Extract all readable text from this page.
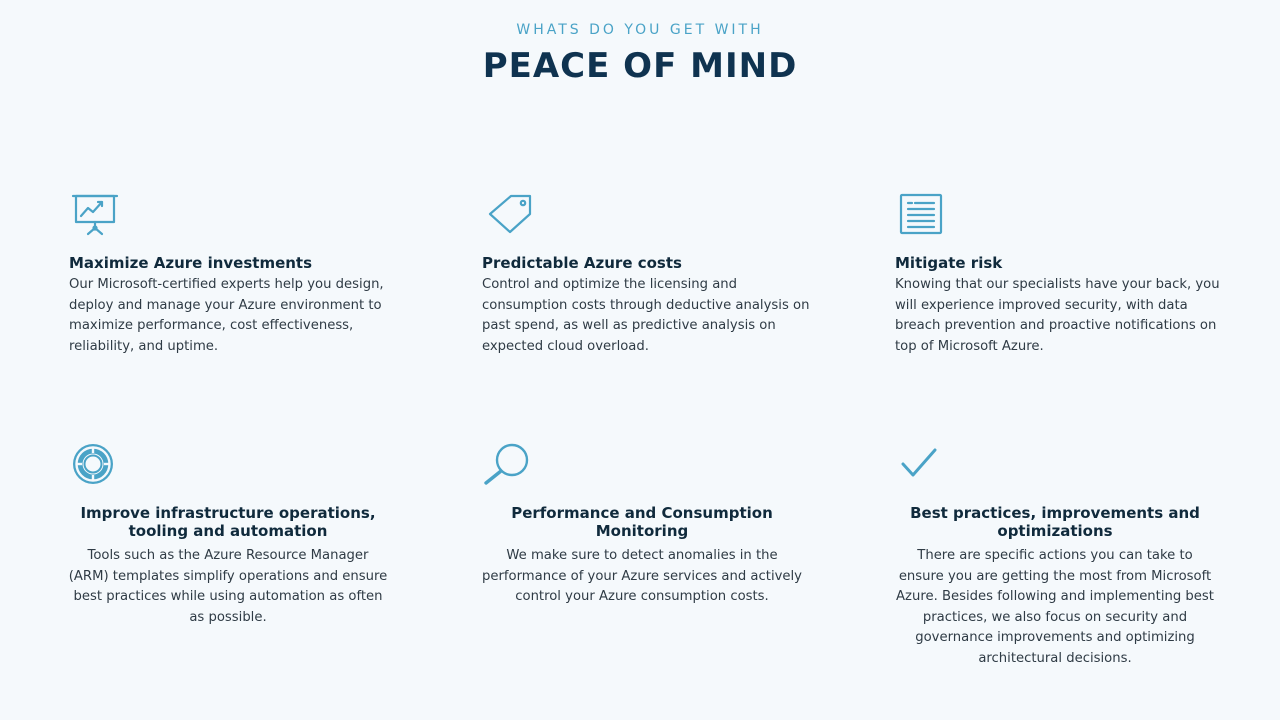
WHATS DO YOU GET WITH
PEACE OF MIND
Maximize Azure investments

Our Microsoft-certified experts help you design, deploy and manage your Azure environment to maximize performance, cost effectiveness, reliability, and uptime.

Predictable Azure costs

Control and optimize the licensing and consumption costs through deductive analysis on past spend, as well as predictive analysis on expected cloud overload.

Mitigate risk

Knowing that our specialists have your back, you will experience improved security, with data breach prevention and proactive notifications on top of Microsoft Azure.

Improve infrastructure operations, tooling and automation

Tools such as the Azure Resource Manager (ARM) templates simplify operations and ensure best practices while using automation as often as possible.

Performance and Consumption Monitoring

We make sure to detect anomalies in the performance of your Azure services and actively control your Azure consumption costs.

Best practices, improvements and optimizations

There are specific actions you can take to ensure you are getting the most from Microsoft Azure. Besides following and implementing best practices, we also focus on security and governance improvements and optimizing architectural decisions.
